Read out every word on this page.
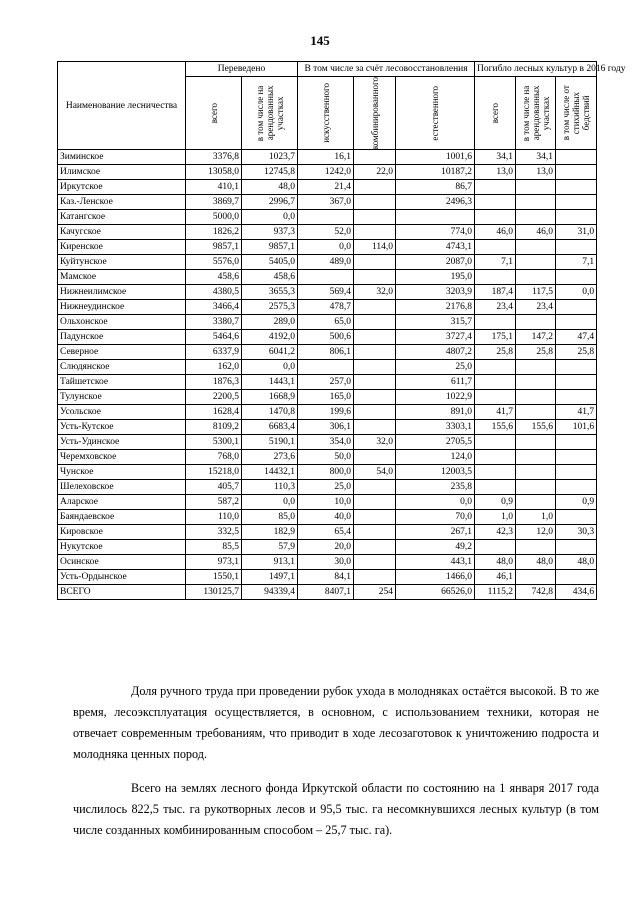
145
Наименование лесничества	Переведено		В том числе за счёт лесовосстановления			Погибло лесных культур в 2016 году		

	всего	в том числе на арендованных участках	искусственного	комбинированного	естественного	всего	в том числе на арендованных участках	в том числе от стихийных бедствий

Зиминское	3376,8	1023,7	16,1		1001,6	34,1	34,1	
Илимское	13058,0	12745,8	1242,0	22,0	10187,2	13,0	13,0	
Иркутское	410,1	48,0	21,4		86,7			
Каз.-Ленское	3869,7	2996,7	367,0		2496,3			
Катангское	5000,0	0,0						
Качугское	1826,2	937,3	52,0		774,0	46,0	46,0	31,0
Киренское	9857,1	9857,1	0,0	114,0	4743,1			
Куйтунское	5576,0	5405,0	489,0		2087,0	7,1		7,1
Мамское	458,6	458,6			195,0			
Нижнеилимское	4380,5	3655,3	569,4	32,0	3203,9	187,4	117,5	0,0
Нижнеудинское	3466,4	2575,3	478,7		2176,8	23,4	23,4	
Ольхонское	3380,7	289,0	65,0		315,7			
Падунское	5464,6	4192,0	500,6		3727,4	175,1	147,2	47,4
Северное	6337,9	6041,2	806,1		4807,2	25,8	25,8	25,8
Слюдянское	162,0	0,0			25,0			
Тайшетское	1876,3	1443,1	257,0		611,7			
Тулунское	2200,5	1668,9	165,0		1022,9			
Усольское	1628,4	1470,8	199,6		891,0	41,7		41,7
Усть-Кутское	8109,2	6683,4	306,1		3303,1	155,6	155,6	101,6
Усть-Удинское	5300,1	5190,1	354,0	32,0	2705,5			
Черемховское	768,0	273,6	50,0		124,0			
Чунское	15218,0	14432,1	800,0	54,0	12003,5			
Шелеховское	405,7	110,3	25,0		235,8			
Аларское	587,2	0,0	10,0		0,0	0,9		0,9
Баяндаевское	110,0	85,0	40,0		70,0	1,0	1,0	
Кировское	332,5	182,9	65,4		267,1	42,3	12,0	30,3
Нукутское	85,5	57,9	20,0		49,2			
Осинское	973,1	913,1	30,0		443,1	48,0	48,0	48,0
Усть-Ордынское	1550,1	1497,1	84,1		1466,0	46,1		
ВСЕГО	130125,7	94339,4	8407,1	254	66526,0	1115,2	742,8	434,6

Доля ручного труда при проведении рубок ухода в молодняках остаётся высокой. В то же время, лесоэксплуатация осуществляется, в основном, с использованием техники, которая не отвечает современным требованиям, что приводит в ходе лесозаготовок к уничтожению подроста и молодняка ценных пород.

Всего на землях лесного фонда Иркутской области по состоянию на 1 января 2017 года числилось 822,5 тыс. га рукотворных лесов и 95,5 тыс. га несомкнувшихся лесных культур (в том числе созданных комбинированным способом – 25,7 тыс. га).
